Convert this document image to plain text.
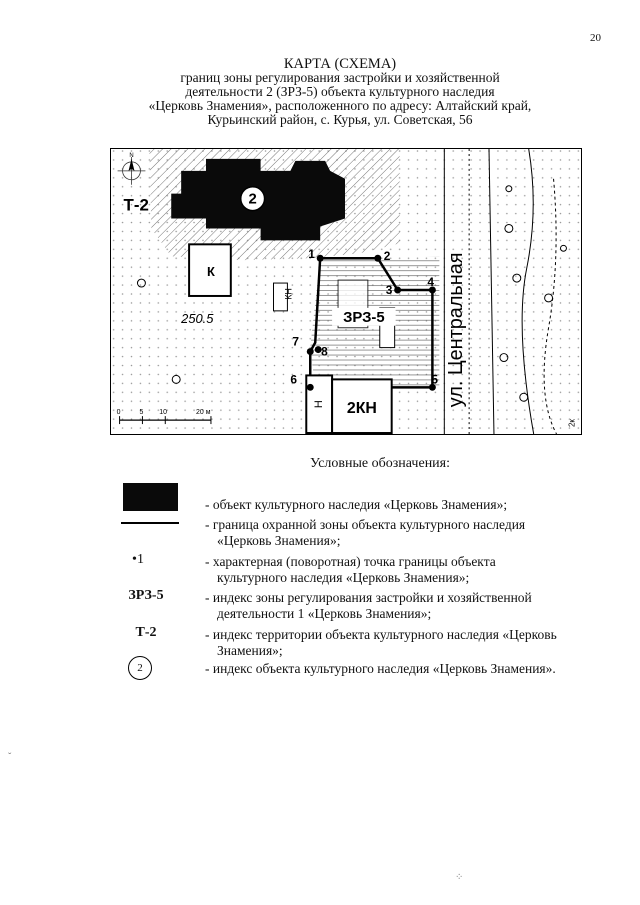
20
КАРТА (СХЕМА)
границ зоны регулирования застройки и хозяйственной
деятельности 2 (ЗРЗ-5) объекта культурного наследия
«Церковь Знамения», расположенного по адресу: Алтайский край,
Курьинский район, с. Курья, ул. Советская, 56
2
Т-2
N
К
КН
250.5	ЗРЗ-5
Н 2КН
ул. Центральная
2к
0	5 10	20 м
1	2
3
4
5
6
7
8
Условные обозначения:
- объект культурного наследия «Церковь Знамения»;
- граница охранной зоны объекта культурного наследия
«Церковь Знамения»;
•1	- характерная (поворотная) точка границы объекта
культурного наследия «Церковь Знамения»;
ЗРЗ-5	- индекс зоны регулирования застройки и хозяйственной
деятельности 1 «Церковь Знамения»;
Т-2	- индекс территории объекта культурного наследия «Церковь
Знамения»;
2	- индекс объекта культурного наследия «Церковь Знамения».
ˇ
⁘
